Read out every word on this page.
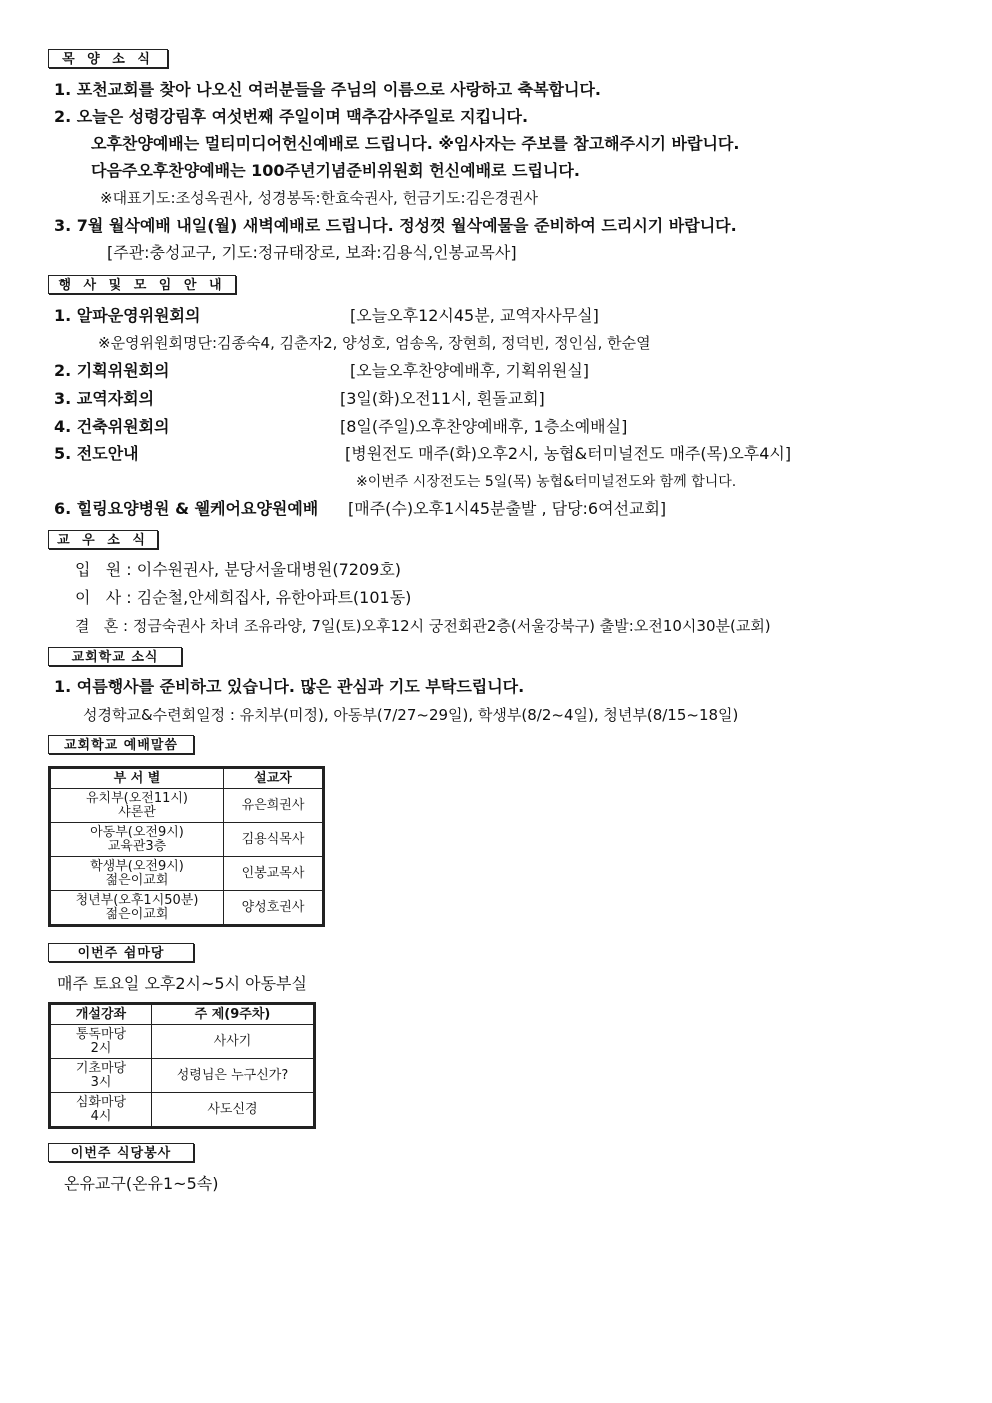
목 양 소 식
1. 포천교회를 찾아 나오신 여러분들을 주님의 이름으로 사랑하고 축복합니다.
2. 오늘은 성령강림후 여섯번째 주일이며 맥추감사주일로 지킵니다.
오후찬양예배는 멀티미디어헌신예배로 드립니다. ※임사자는 주보를 참고해주시기 바랍니다.
다음주오후찬양예배는 100주년기념준비위원회 헌신예배로 드립니다.
※대표기도:조성옥권사, 성경봉독:한효숙권사, 헌금기도:김은경권사
3. 7월 월삭예배 내일(월) 새벽예배로 드립니다. 정성껏 월삭예물을 준비하여 드리시기 바랍니다.
[주관:충성교구, 기도:정규태장로, 보좌:김용식,인봉교목사]
행 사 및 모 임 안 내
1. 알파운영위원회의	[오늘오후12시45분, 교역자사무실]
※운영위원회명단:김종숙4, 김춘자2, 양성호, 엄송옥, 장현희, 정덕빈, 정인심, 한순열
2. 기획위원회의	[오늘오후찬양예배후, 기획위원실]
3. 교역자회의	[3일(화)오전11시, 흰돌교회]
4. 건축위원회의	[8일(주일)오후찬양예배후, 1층소예배실]
5. 전도안내	[병원전도 매주(화)오후2시, 농협&터미널전도 매주(목)오후4시]
※이번주 시장전도는 5일(목) 농협&터미널전도와 함께 합니다.
6. 힐링요양병원 & 웰케어요양원예배 [매주(수)오후1시45분출발 , 담당:6여선교회]
교 우 소 식
입   원 : 이수원권사, 분당서울대병원(7209호)
이   사 : 김순철,안세희집사, 유한아파트(101동)
결   혼 : 정금숙권사 차녀 조유라양, 7일(토)오후12시 궁전회관2층(서울강북구) 출발:오전10시30분(교회)
교회학교 소식
1. 여름행사를 준비하고 있습니다. 많은 관심과 기도 부탁드립니다.
성경학교&수련회일정 : 유치부(미정), 아동부(7/27~29일), 학생부(8/2~4일), 청년부(8/15~18일)
교회학교 예배말씀
부 서 별	설교자

유치부(오전11시)
샤론관	유은희권사

아동부(오전9시)
교육관3층	김용식목사

학생부(오전9시)
젊은이교회	인봉교목사

청년부(오후1시50분)
젊은이교회	양성호권사
이번주 쉼마당
매주 토요일 오후2시~5시 아동부실
개설강좌	주 제(9주차)

통독마당
2시	사사기

기초마당
3시	성령님은 누구신가?

심화마당
4시	사도신경
이번주 식당봉사
온유교구(온유1~5속)
